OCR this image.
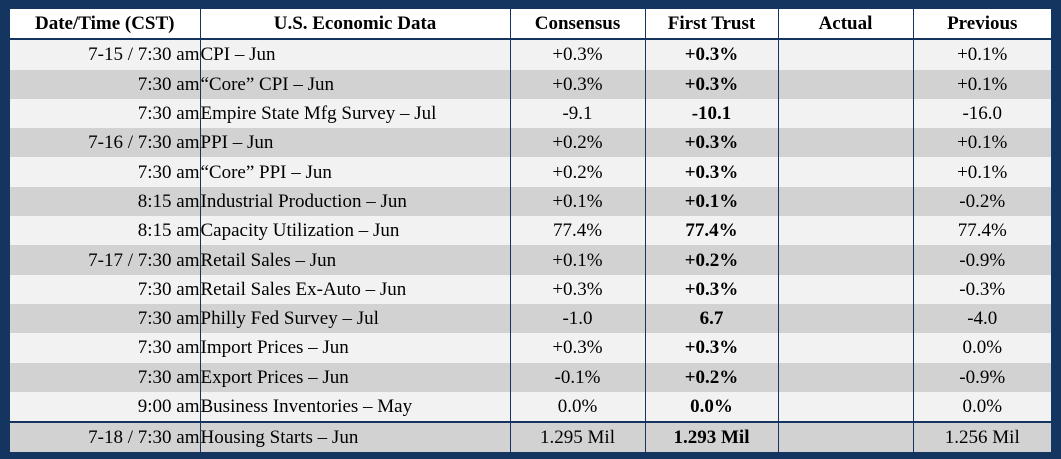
Date/Time (CST)	U.S. Economic Data	Consensus	First Trust	Actual	Previous
7-15 / 7:30 am	CPI – Jun	+0.3%	+0.3%		+0.1%
7:30 am	“Core” CPI – Jun	+0.3%	+0.3%		+0.1%
7:30 am	Empire State Mfg Survey – Jul	-9.1	-10.1		-16.0
7-16 / 7:30 am	PPI – Jun	+0.2%	+0.3%		+0.1%
7:30 am	“Core” PPI – Jun	+0.2%	+0.3%		+0.1%
8:15 am	Industrial Production – Jun	+0.1%	+0.1%		-0.2%
8:15 am	Capacity Utilization – Jun	77.4%	77.4%		77.4%
7-17 / 7:30 am	Retail Sales – Jun	+0.1%	+0.2%		-0.9%
7:30 am	Retail Sales Ex-Auto – Jun	+0.3%	+0.3%		-0.3%
7:30 am	Philly Fed Survey – Jul	-1.0	6.7		-4.0
7:30 am	Import Prices – Jun	+0.3%	+0.3%		0.0%
7:30 am	Export Prices – Jun	-0.1%	+0.2%		-0.9%
9:00 am	Business Inventories – May	0.0%	0.0%		0.0%
7-18 / 7:30 am	Housing Starts – Jun	1.295 Mil	1.293 Mil		1.256 Mil
